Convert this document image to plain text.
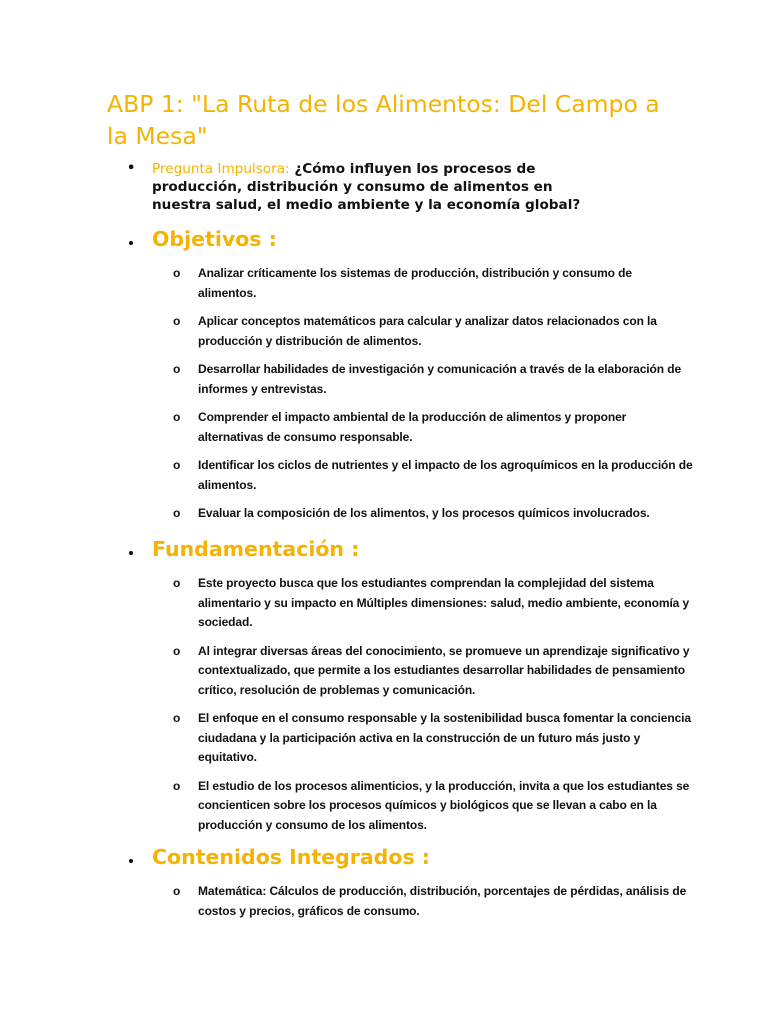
ABP 1: "La Ruta de los Alimentos: Del Campo a la Mesa"
• Pregunta Impulsora: ¿Cómo influyen los procesos de producción, distribución y consumo de alimentos en nuestra salud, el medio ambiente y la economía global?
Objetivos :
o Analizar críticamente los sistemas de producción, distribución y consumo de alimentos.
o Aplicar conceptos matemáticos para calcular y analizar datos relacionados con la producción y distribución de alimentos.
o Desarrollar habilidades de investigación y comunicación a través de la elaboración de informes y entrevistas.
o Comprender el impacto ambiental de la producción de alimentos y proponer alternativas de consumo responsable.
o Identificar los ciclos de nutrientes y el impacto de los agroquímicos en la producción de alimentos.
o Evaluar la composición de los alimentos, y los procesos químicos involucrados.
Fundamentación :
o Este proyecto busca que los estudiantes comprendan la complejidad del sistema alimentario y su impacto en Múltiples dimensiones: salud, medio ambiente, economía y sociedad.
o Al integrar diversas áreas del conocimiento, se promueve un aprendizaje significativo y contextualizado, que permite a los estudiantes desarrollar habilidades de pensamiento crítico, resolución de problemas y comunicación.
o El enfoque en el consumo responsable y la sostenibilidad busca fomentar la conciencia ciudadana y la participación activa en la construcción de un futuro más justo y equitativo.
o El estudio de los procesos alimenticios, y la producción, invita a que los estudiantes se concienticen sobre los procesos químicos y biológicos que se llevan a cabo en la producción y consumo de los alimentos.
Contenidos Integrados :
o Matemática: Cálculos de producción, distribución, porcentajes de pérdidas, análisis de costos y precios, gráficos de consumo.
